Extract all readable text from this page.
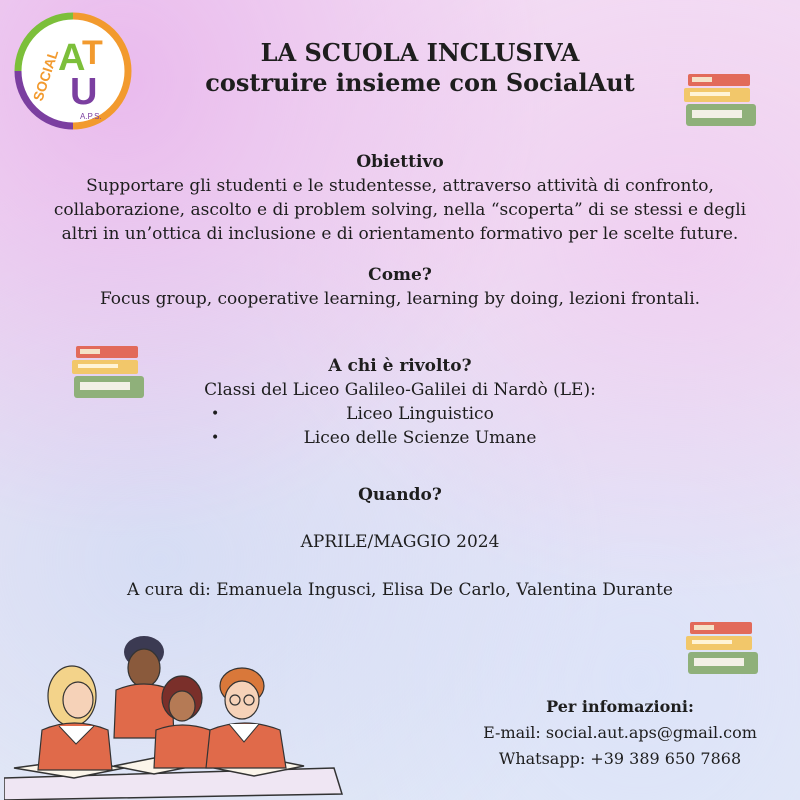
A
T
U
SOCIAL
A.P.S.
LA SCUOLA INCLUSIVA
costruire insieme con SocialAut
Obiettivo
Supportare gli studenti e le studentesse, attraverso attività di confronto,
collaborazione, ascolto e di problem solving, nella “scoperta” di se stessi e degli
altri in un’ottica di inclusione e di orientamento formativo per le scelte future.
Come?
Focus group, cooperative learning, learning by doing, lezioni frontali.
A chi è rivolto?
Classi del Liceo Galileo-Galilei di Nardò (LE):
•	Liceo Linguistico
•	Liceo delle Scienze Umane
Quando?
APRILE/MAGGIO 2024
A cura di: Emanuela Ingusci, Elisa De Carlo, Valentina Durante
Per infomazioni:
E-mail: social.aut.aps@gmail.com
Whatsapp: +39 389 650 7868
